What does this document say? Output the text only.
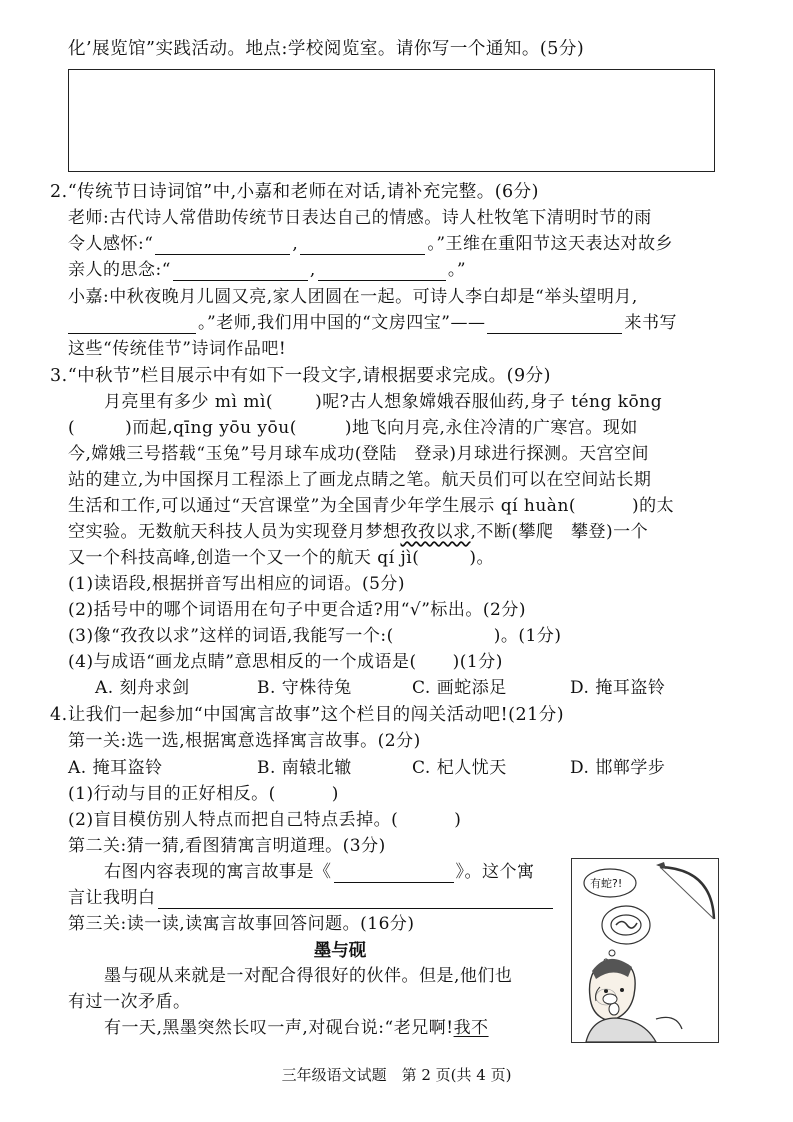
化’展览馆”实践活动。地点:学校阅览室。请你写一个通知。(5分)
2.“传统节日诗词馆”中,小嘉和老师在对话,请补充完整。(6分)
老师:古代诗人常借助传统节日表达自己的情感。诗人杜牧笔下清明时节的雨
令人感怀:“	,	。”王维在重阳节这天表达对故乡
亲人的思念:“	,	。”
小嘉:中秋夜晚月儿圆又亮,家人团圆在一起。可诗人李白却是“举头望明月,
。”老师,我们用中国的“文房四宝”——	来书写
这些“传统佳节”诗词作品吧!
3.“中秋节”栏目展示中有如下一段文字,请根据要求完成。(9分)
月亮里有多少 mì mì( )呢?古人想象嫦娥吞服仙药,身子 téng kōng
(	)而起,qīng yōu yōu(	)地飞向月亮,永住冷清的广寒宫。现如
今,嫦娥三号搭载“玉兔”号月球车成功(登陆　登录)月球进行探测。天宫空间
站的建立,为中国探月工程添上了画龙点睛之笔。航天员们可以在空间站长期
生活和工作,可以通过“天宫课堂”为全国青少年学生展示 qí huàn(	)的太
空实验。无数航天科技人员为实现登月梦想孜孜以求,不断(攀爬　攀登)一个
又一个科技高峰,创造一个又一个的航天 qí jì(	)。
(1)读语段,根据拼音写出相应的词语。(5分)
(2)括号中的哪个词语用在句子中更合适?用“√”标出。(2分)
(3)像“孜孜以求”这样的词语,我能写一个:(	)。(1分)
(4)与成语“画龙点睛”意思相反的一个成语是( )(1分)
A. 刻舟求剑	B. 守株待兔	C. 画蛇添足	D. 掩耳盗铃
4.让我们一起参加“中国寓言故事”这个栏目的闯关活动吧!(21分)
第一关:选一选,根据寓意选择寓言故事。(2分)
A. 掩耳盗铃	B. 南辕北辙	C. 杞人忧天	D. 邯郸学步
(1)行动与目的正好相反。(	)
(2)盲目模仿别人特点而把自己特点丢掉。(	)
第二关:猜一猜,看图猜寓言明道理。(3分)
右图内容表现的寓言故事是《	》。这个寓
言让我明白
第三关:读一读,读寓言故事回答问题。(16分)
墨与砚
墨与砚从来就是一对配合得很好的伙伴。但是,他们也
有过一次矛盾。
有一天,黑墨突然长叹一声,对砚台说:“老兄啊!我不
有蛇?!
三年级语文试题　第 2 页(共 4 页)
